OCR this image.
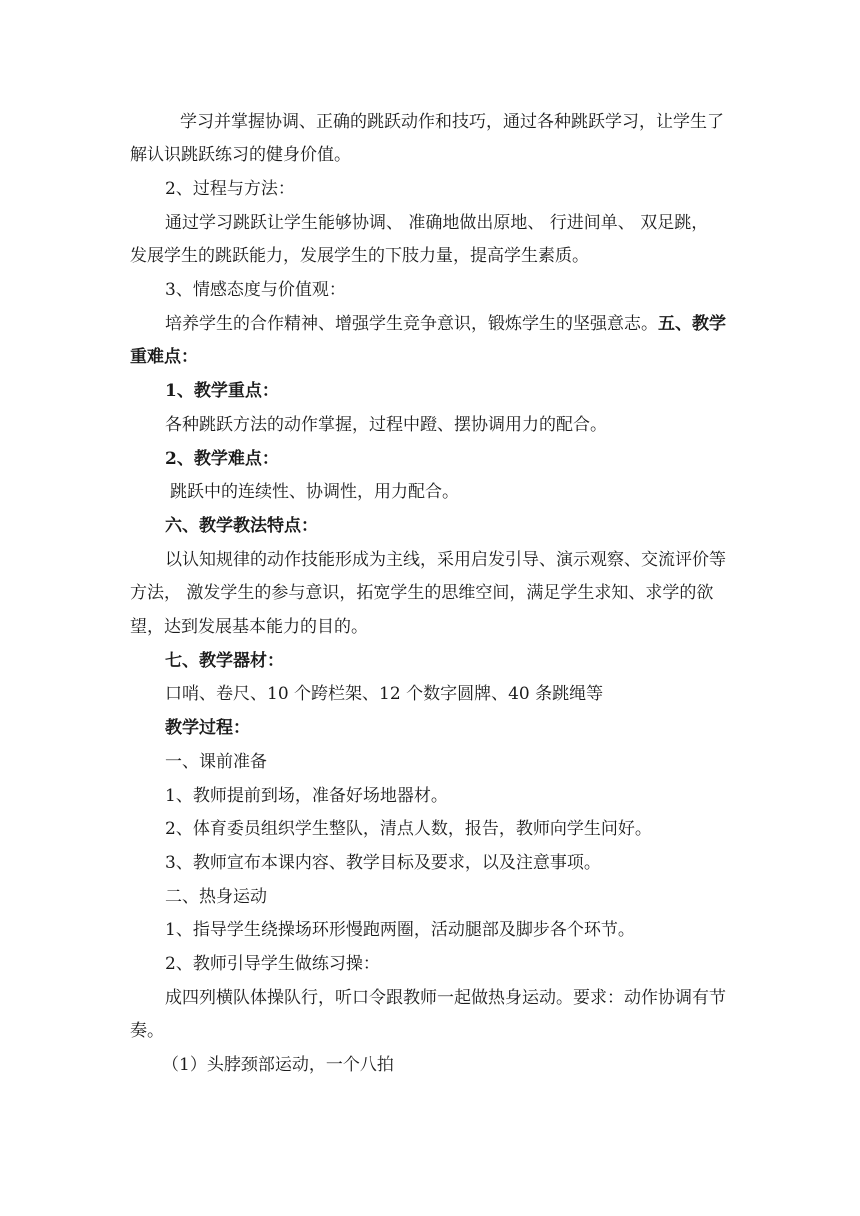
学习并掌握协调、正确的跳跃动作和技巧，通过各种跳跃学习，让学生了
解认识跳跃练习的健身价值。
2、过程与方法：
通过学习跳跃让学生能够协调、 准确地做出原地、 行进间单、 双足跳，
发展学生的跳跃能力，发展学生的下肢力量，提高学生素质。
3、情感态度与价值观：
培养学生的合作精神、增强学生竞争意识，锻炼学生的坚强意志。五、教学
重难点：
1、教学重点：
各种跳跃方法的动作掌握，过程中蹬、摆协调用力的配合。
2、教学难点：
跳跃中的连续性、协调性，用力配合。
六、教学教法特点：
以认知规律的动作技能形成为主线，采用启发引导、演示观察、交流评价等
方法， 激发学生的参与意识，拓宽学生的思维空间，满足学生求知、求学的欲
望，达到发展基本能力的目的。
七、教学器材：
口哨、卷尺、10 个跨栏架、12 个数字圆牌、40 条跳绳等
教学过程：
一、课前准备
1、教师提前到场，准备好场地器材。
2、体育委员组织学生整队，清点人数，报告，教师向学生问好。
3、教师宣布本课内容、教学目标及要求，以及注意事项。
二、热身运动
1、指导学生绕操场环形慢跑两圈，活动腿部及脚步各个环节。
2、教师引导学生做练习操：
成四列横队体操队行，听口令跟教师一起做热身运动。要求：动作协调有节
奏。
（1）头脖颈部运动，一个八拍
